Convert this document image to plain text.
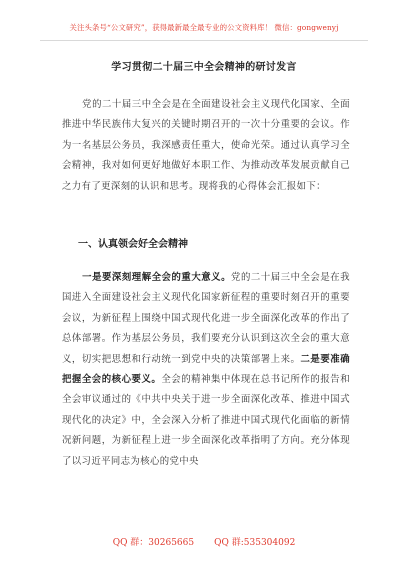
关注头条号“公文研究”，获得最新最全最专业的公文资料库！ 微信：gongwenyj
学习贯彻二十届三中全会精神的研讨发言
党的二十届三中全会是在全面建设社会主义现代化国家、全面推进中华民族伟大复兴的关键时期召开的一次十分重要的会议。作为一名基层公务员，我深感责任重大，使命光荣。通过认真学习全会精神，我对如何更好地做好本职工作、为推动改革发展贡献自己之力有了更深刻的认识和思考。现将我的心得体会汇报如下：
一、认真领会好全会精神
一是要深刻理解全会的重大意义。党的二十届三中全会是在我国进入全面建设社会主义现代化国家新征程的重要时刻召开的重要会议，为新征程上围绕中国式现代化进一步全面深化改革的作出了总体部署。作为基层公务员，我们要充分认识到这次全会的重大意义，切实把思想和行动统一到党中央的决策部署上来。二是要准确把握全会的核心要义。全会的精神集中体现在总书记所作的报告和全会审议通过的《中共中央关于进一步全面深化改革、推进中国式现代化的决定》中，全会深入分析了推进中国式现代化面临的新情况新问题，为新征程上进一步全面深化改革指明了方向。充分体现了以习近平同志为核心的党中央
QQ 群：30265665 QQ 群:535304092
